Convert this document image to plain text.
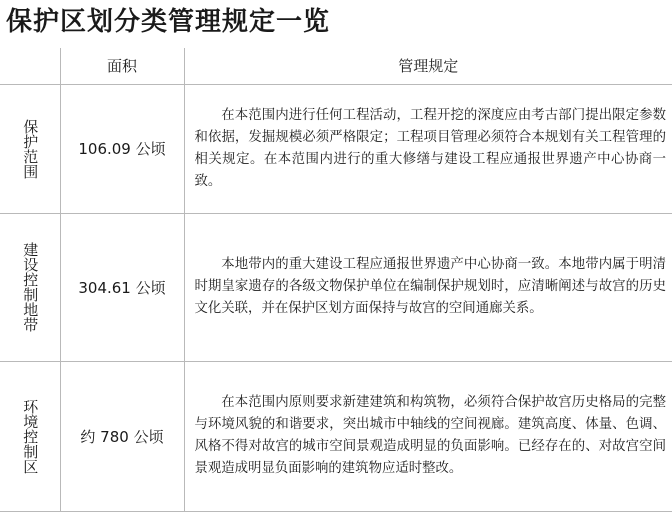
保护区划分类管理规定一览
	面积	管理规定

保护范围	106.09 公顷	在本范围内进行任何工程活动，工程开挖的深度应由考古部门提出限定参数和依据，发掘规模必须严格限定；工程项目管理必须符合本规划有关工程管理的相关规定。在本范围内进行的重大修缮与建设工程应通报世界遗产中心协商一致。

建设控制地带	304.61 公顷	本地带内的重大建设工程应通报世界遗产中心协商一致。本地带内属于明清时期皇家遗存的各级文物保护单位在编制保护规划时，应清晰阐述与故宫的历史文化关联，并在保护区划方面保持与故宫的空间通廊关系。

环境控制区	约 780 公顷	在本范围内原则要求新建建筑和构筑物，必须符合保护故宫历史格局的完整与环境风貌的和谐要求，突出城市中轴线的空间视廊。建筑高度、体量、色调、风格不得对故宫的城市空间景观造成明显的负面影响。已经存在的、对故宫空间景观造成明显负面影响的建筑物应适时整改。
